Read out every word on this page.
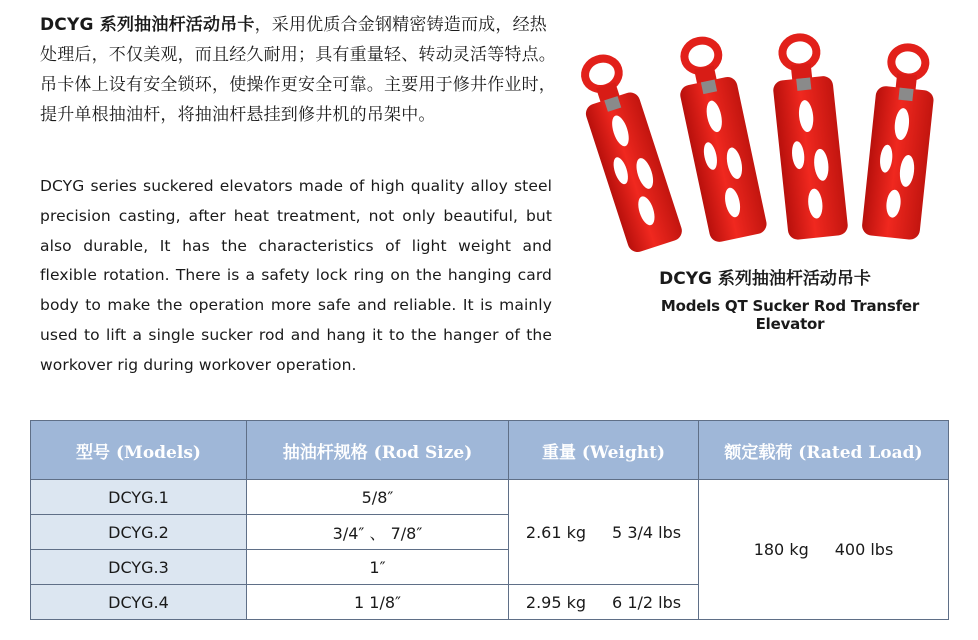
DCYG 系列抽油杆活动吊卡，采用优质合金钢精密铸造而成，经热处理后，不仅美观，而且经久耐用；具有重量轻、转动灵活等特点。吊卡体上设有安全锁环，使操作更安全可靠。主要用于修井作业时，提升单根抽油杆，将抽油杆悬挂到修井机的吊架中。
DCYG series suckered elevators made of high quality alloy steel precision casting, after heat treatment, not only beautiful, but also durable, It has the characteristics of light weight and flexible rotation. There is a safety lock ring on the hanging card body to make the operation more safe and reliable. It is mainly used to lift a single sucker rod and hang it to the hanger of the workover rig during workover operation.
DCYG 系列抽油杆活动吊卡
Models QT Sucker Rod Transfer Elevator
型号 (Models)	抽油杆规格 (Rod Size)	重量 (Weight)	额定载荷 (Rated Load)
DCYG.1	5/8″	2.61 kg 5 3/4 lbs	180 kg 400 lbs
DCYG.2	3/4″ 、 7/8″		
DCYG.3	1″		
DCYG.4	1 1/8″	2.95 kg 6 1/2 lbs	
